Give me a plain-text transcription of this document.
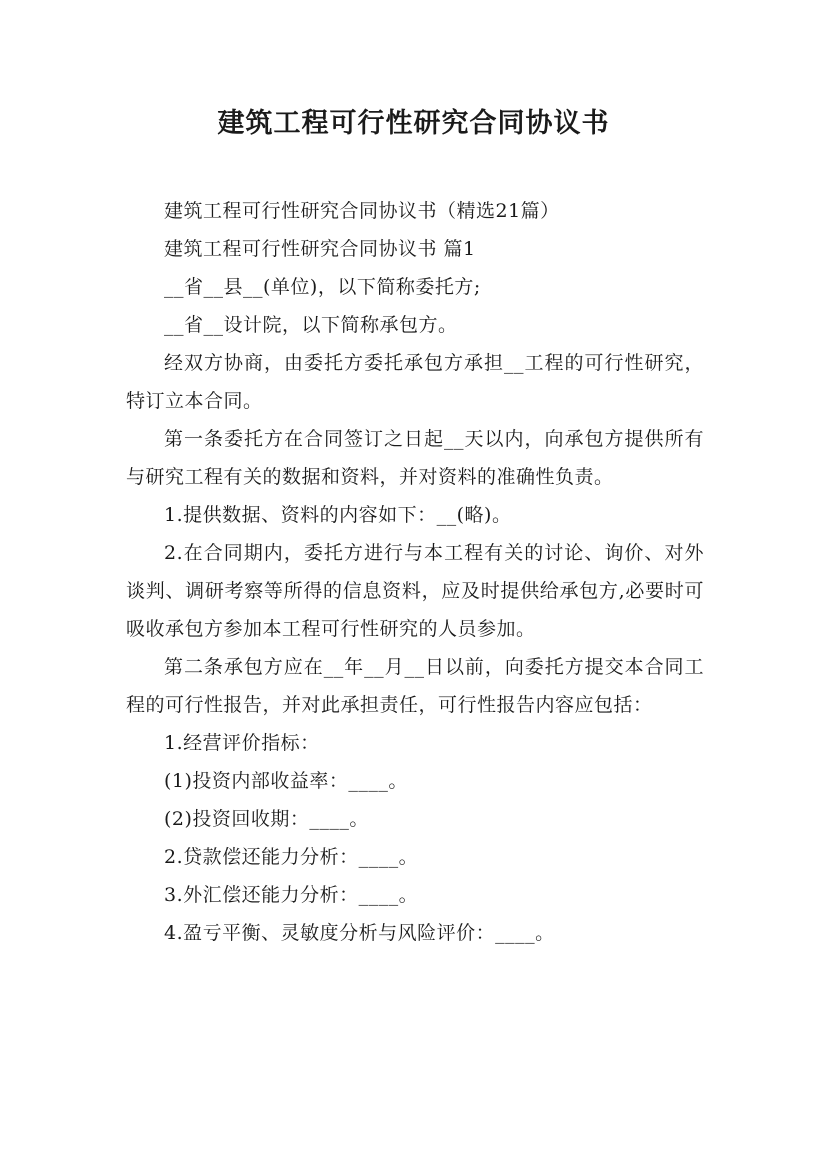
建筑工程可行性研究合同协议书

建筑工程可行性研究合同协议书（精选21篇）

建筑工程可行性研究合同协议书 篇1

__省__县__(单位)，以下简称委托方;

__省__设计院，以下简称承包方。

经双方协商，由委托方委托承包方承担__工程的可行性研究，特订立本合同。

第一条委托方在合同签订之日起__天以内，向承包方提供所有与研究工程有关的数据和资料，并对资料的准确性负责。

1.提供数据、资料的内容如下：__(略)。

2.在合同期内，委托方进行与本工程有关的讨论、询价、对外谈判、调研考察等所得的信息资料，应及时提供给承包方,必要时可吸收承包方参加本工程可行性研究的人员参加。

第二条承包方应在__年__月__日以前，向委托方提交本合同工程的可行性报告，并对此承担责任，可行性报告内容应包括：

1.经营评价指标：

(1)投资内部收益率：____。

(2)投资回收期：____。

2.贷款偿还能力分析：____。

3.外汇偿还能力分析：____。

4.盈亏平衡、灵敏度分析与风险评价：____。
